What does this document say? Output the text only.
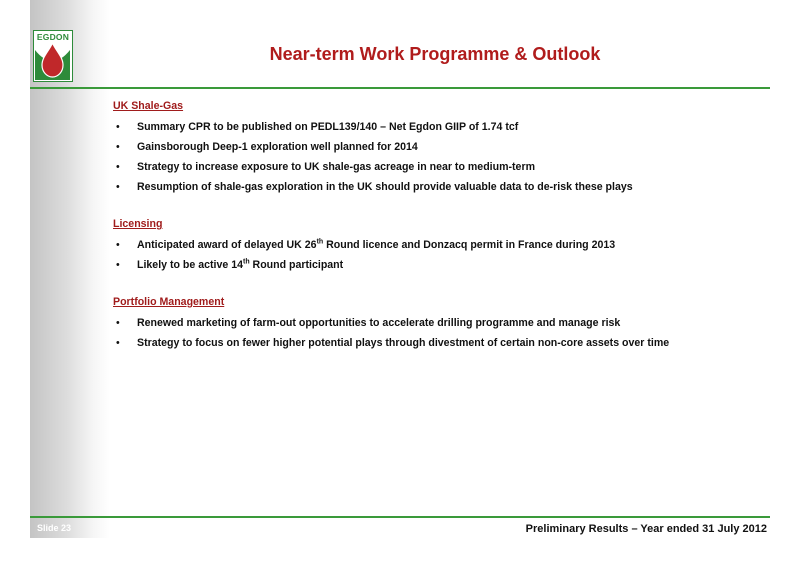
EGDON
Near-term Work Programme & Outlook
UK Shale-Gas
• Summary CPR to be published on PEDL139/140 – Net Egdon GIIP of 1.74 tcf
• Gainsborough Deep-1 exploration well planned for 2014
• Strategy to increase exposure to UK shale-gas acreage in near to medium-term
• Resumption of shale-gas exploration in the UK should provide valuable data to de-risk these plays
Licensing
• Anticipated award of delayed UK 26th Round licence and Donzacq permit in France during 2013
• Likely to be active 14th Round participant
Portfolio Management
• Renewed marketing of farm-out opportunities to accelerate drilling programme and manage risk
• Strategy to focus on fewer higher potential plays through divestment of certain non-core assets over time
Slide 23	Preliminary Results – Year ended 31 July 2012
